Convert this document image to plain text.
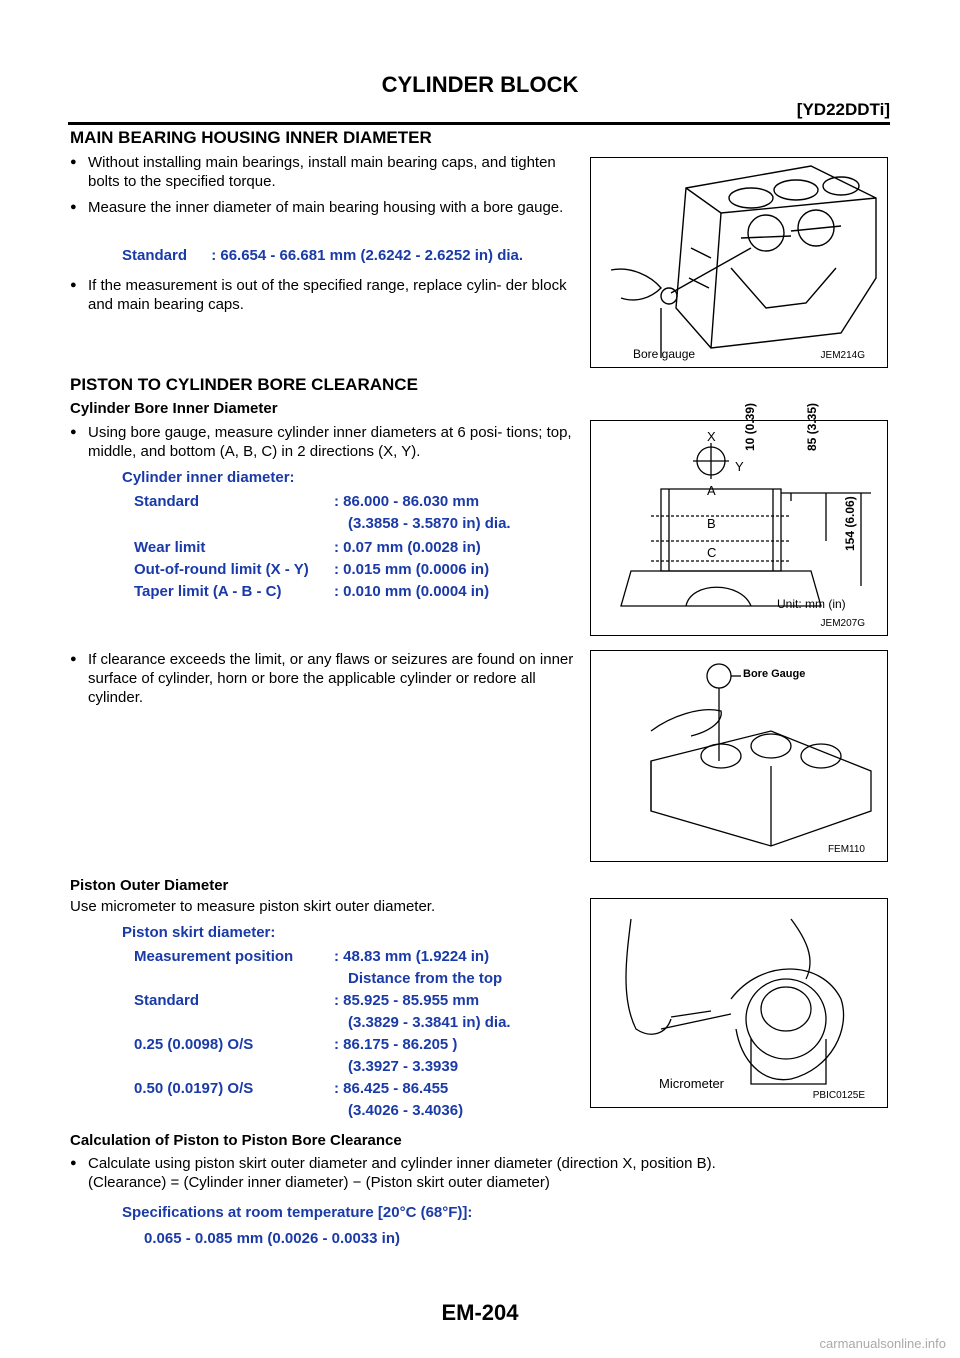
CYLINDER BLOCK
[YD22DDTi]
MAIN BEARING HOUSING INNER DIAMETER
● Without installing main bearings, install main bearing caps, and tighten bolts to the specified torque.
● Measure the inner diameter of main bearing housing with a bore gauge.
Standard : 66.654 - 66.681 mm (2.6242 - 2.6252 in) dia.
● If the measurement is out of the specified range, replace cylin- der block and main bearing caps.
Bore gauge	JEM214G
PISTON TO CYLINDER BORE CLEARANCE
Cylinder Bore Inner Diameter
● Using bore gauge, measure cylinder inner diameters at 6 posi- tions; top, middle, and bottom (A, B, C) in 2 directions (X, Y).
Cylinder inner diameter:
Standard	: 86.000 - 86.030 mm
(3.3858 - 3.5870 in) dia.

Wear limit	: 0.07 mm (0.0028 in)
Out-of-round limit (X - Y)	: 0.015 mm (0.0006 in)
Taper limit (A - B - C)	: 0.010 mm (0.0004 in)
X
Y
A
B
C
10 (0.39)	85 (3.35)
154 (6.06)
Unit: mm (in)
JEM207G
● If clearance exceeds the limit, or any flaws or seizures are found on inner surface of cylinder, horn or bore the applicable cylinder or redore all cylinder.
Bore Gauge
FEM110
Piston Outer Diameter
Use micrometer to measure piston skirt outer diameter.
Piston skirt diameter:
Measurement position	: 48.83 mm (1.9224 in)
Distance from the top

Standard	: 85.925 - 85.955 mm
(3.3829 - 3.3841 in) dia.

0.25 (0.0098) O/S	: 86.175 - 86.205 )
(3.3927 - 3.3939

0.50 (0.0197) O/S	: 86.425 - 86.455
(3.4026 - 3.4036)
Micrometer
PBIC0125E
Calculation of Piston to Piston Bore Clearance
● Calculate using piston skirt outer diameter and cylinder inner diameter (direction X, position B).
(Clearance) = (Cylinder inner diameter) − (Piston skirt outer diameter)
Specifications at room temperature [20°C (68°F)]:
0.065 - 0.085 mm (0.0026 - 0.0033 in)
EM-204
carmanualsonline.info
